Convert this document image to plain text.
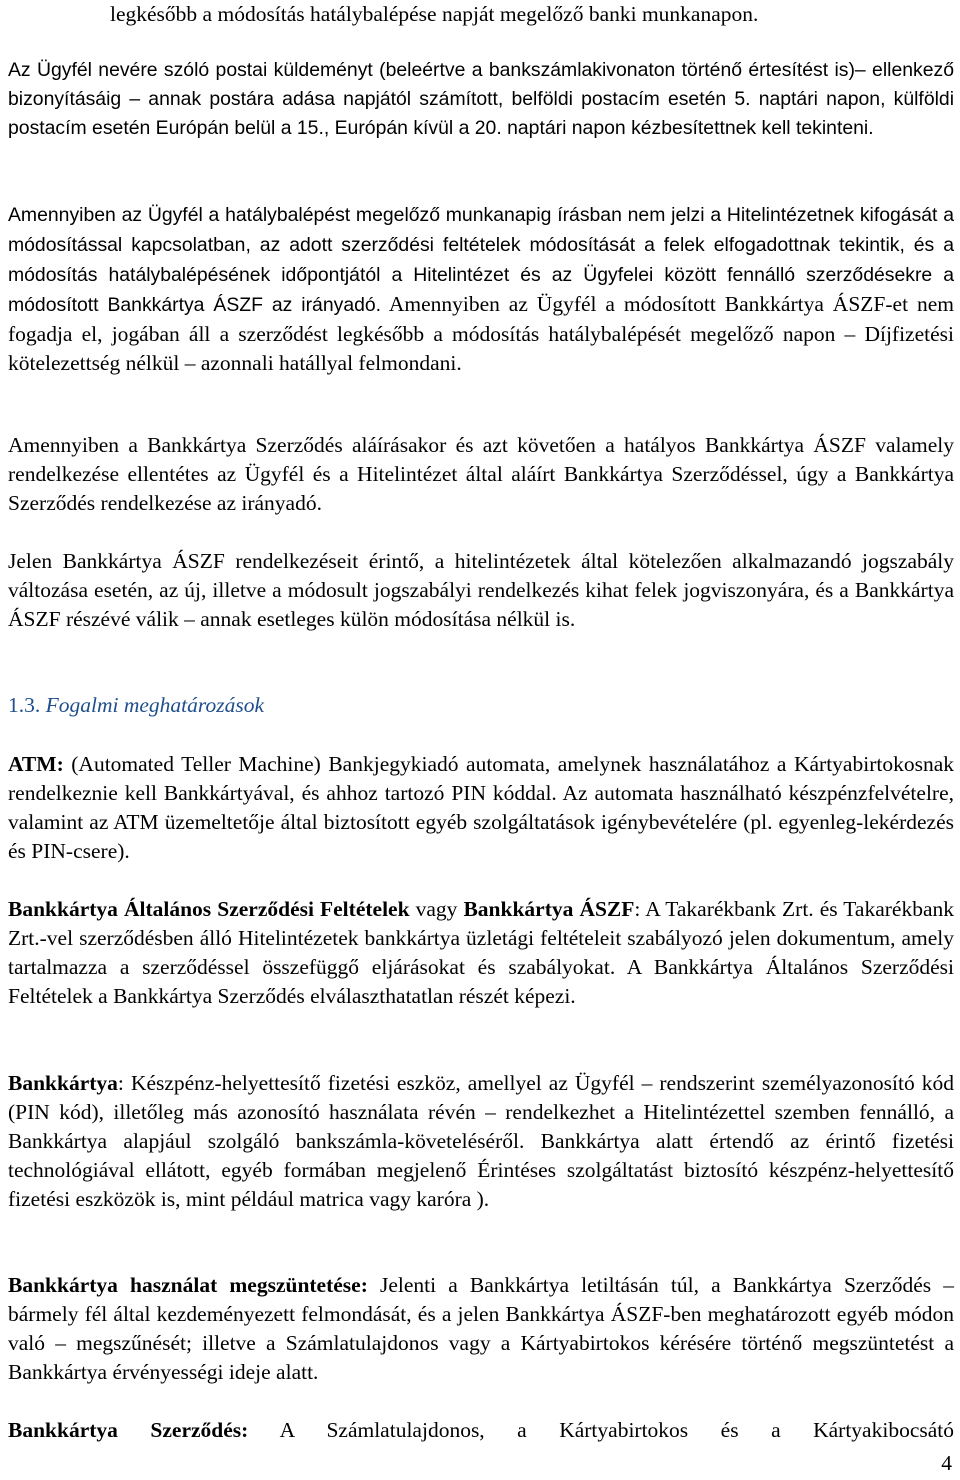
legkésőbb a módosítás hatálybalépése napját megelőző banki munkanapon.

Az Ügyfél nevére szóló postai küldeményt (beleértve a bankszámlakivonaton történő értesítést is)– ellenkező bizonyításáig – annak postára adása napjától számított, belföldi postacím esetén 5. naptári napon, külföldi postacím esetén Európán belül a 15., Európán kívül a 20. naptári napon kézbesítettnek kell tekinteni.

Amennyiben az Ügyfél a hatálybalépést megelőző munkanapig írásban nem jelzi a Hitelintézetnek kifogását a módosítással kapcsolatban, az adott szerződési feltételek módosítását a felek elfogadottnak tekintik, és a módosítás hatálybalépésének időpontjától a Hitelintézet és az Ügyfelei között fennálló szerződésekre a módosított Bankkártya ÁSZF az irányadó. Amennyiben az Ügyfél a módosított Bankkártya ÁSZF-et nem fogadja el, jogában áll a szerződést legkésőbb a módosítás hatálybalépését megelőző napon – Díjfizetési kötelezettség nélkül – azonnali hatállyal felmondani.

Amennyiben a Bankkártya Szerződés aláírásakor és azt követően a hatályos Bankkártya ÁSZF valamely rendelkezése ellentétes az Ügyfél és a Hitelintézet által aláírt Bankkártya Szerződéssel, úgy a Bankkártya Szerződés rendelkezése az irányadó.

Jelen Bankkártya ÁSZF rendelkezéseit érintő, a hitelintézetek által kötelezően alkalmazandó jogszabály változása esetén, az új, illetve a módosult jogszabályi rendelkezés kihat felek jogviszonyára, és a Bankkártya ÁSZF részévé válik – annak esetleges külön módosítása nélkül is.

1.3. Fogalmi meghatározások

ATM: (Automated Teller Machine) Bankjegykiadó automata, amelynek használatához a Kártyabirtokosnak rendelkeznie kell Bankkártyával, és ahhoz tartozó PIN kóddal. Az automata használható készpénzfelvételre, valamint az ATM üzemeltetője által biztosított egyéb szolgáltatások igénybevételére (pl. egyenleg-lekérdezés és PIN-csere).

Bankkártya Általános Szerződési Feltételek vagy Bankkártya ÁSZF: A Takarékbank Zrt. és Takarékbank Zrt.-vel szerződésben álló Hitelintézetek bankkártya üzletági feltételeit szabályozó jelen dokumentum, amely tartalmazza a szerződéssel összefüggő eljárásokat és szabályokat. A Bankkártya Általános Szerződési Feltételek a Bankkártya Szerződés elválaszthatatlan részét képezi.

Bankkártya: Készpénz-helyettesítő fizetési eszköz, amellyel az Ügyfél – rendszerint személyazonosító kód (PIN kód), illetőleg más azonosító használata révén – rendelkezhet a Hitelintézettel szemben fennálló, a Bankkártya alapjául szolgáló bankszámla-követeléséről. Bankkártya alatt értendő az érintő fizetési technológiával ellátott, egyéb formában megjelenő Érintéses szolgáltatást biztosító készpénz-helyettesítő fizetési eszközök is, mint például matrica vagy karóra ).

Bankkártya használat megszüntetése: Jelenti a Bankkártya letiltásán túl, a Bankkártya Szerződés – bármely fél által kezdeményezett felmondását, és a jelen Bankkártya ÁSZF-ben meghatározott egyéb módon való – megszűnését; illetve a Számlatulajdonos vagy a Kártyabirtokos kérésére történő megszüntetést a Bankkártya érvényességi ideje alatt.

Bankkártya Szerződés: A Számlatulajdonos, a Kártyabirtokos és a Kártyakibocsátó

4
